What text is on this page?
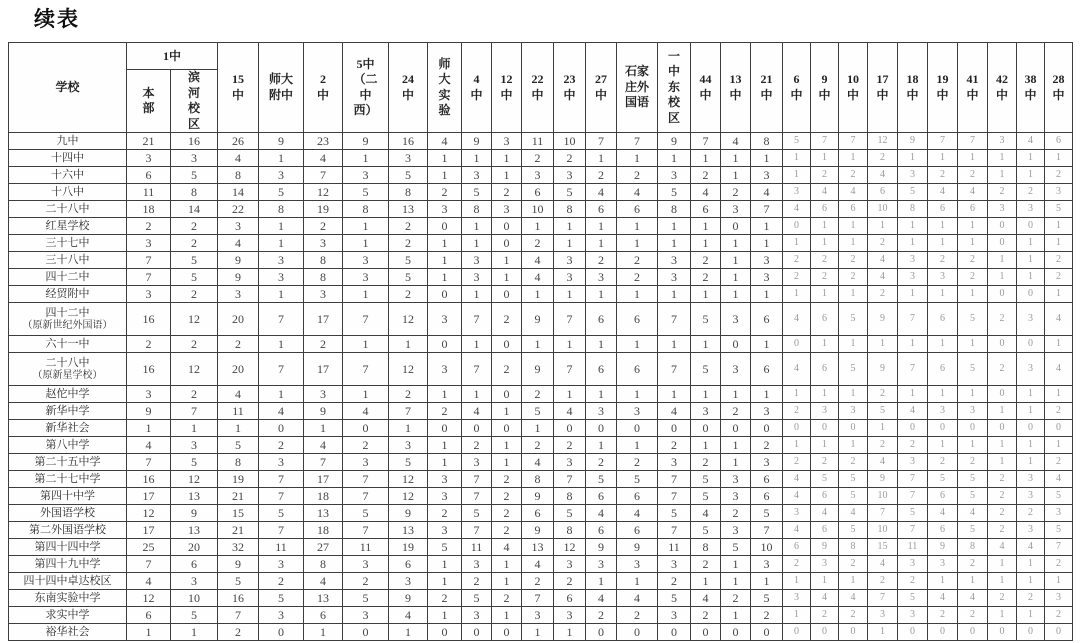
续表
学校	1中		15中	师大附中	2中	5中（二中西）	24中	师大实验	4中	12中	22中	23中	27中	石家庄外国语	一中东校区	44中	13中	21中	6中	9中	10中	17中	18中	19中	41中	42中	38中	28中
	本部	滨河校区																										
九中	21	16	26	9	23	9	16	4	9	3	11	10	7	7	9	7	4	8	5	7	7	12	9	7	7	3	4	6
十四中	3	3	4	1	4	1	3	1	1	1	2	2	1	1	1	1	1	1	1	1	1	2	1	1	1	1	1	1
十六中	6	5	8	3	7	3	5	1	3	1	3	3	2	2	3	2	1	3	1	2	2	4	3	2	2	1	1	2
十八中	11	8	14	5	12	5	8	2	5	2	6	5	4	4	5	4	2	4	3	4	4	6	5	4	4	2	2	3
二十八中	18	14	22	8	19	8	13	3	8	3	10	8	6	6	8	6	3	7	4	6	6	10	8	6	6	3	3	5
红星学校	2	2	3	1	2	1	2	0	1	0	1	1	1	1	1	1	0	1	0	1	1	1	1	1	1	0	0	1
三十七中	3	2	4	1	3	1	2	1	1	0	2	1	1	1	1	1	1	1	1	1	1	2	1	1	1	0	1	1
三十八中	7	5	9	3	8	3	5	1	3	1	4	3	2	2	3	2	1	3	2	2	2	4	3	2	2	1	1	2
四十二中	7	5	9	3	8	3	5	1	3	1	4	3	3	2	3	2	1	3	2	2	2	4	3	3	2	1	1	2
经贸附中	3	2	3	1	3	1	2	0	1	0	1	1	1	1	1	1	1	1	1	1	1	2	1	1	1	0	0	1
四十二中
（原新世纪外国语）	16	12	20	7	17	7	12	3	7	2	9	7	6	6	7	5	3	6	4	6	5	9	7	6	5	2	3	4
六十一中	2	2	2	1	2	1	1	0	1	0	1	1	1	1	1	1	0	1	0	1	1	1	1	1	1	0	0	1
二十八中
（原新星学校）	16	12	20	7	17	7	12	3	7	2	9	7	6	6	7	5	3	6	4	6	5	9	7	6	5	2	3	4
赵佗中学	3	2	4	1	3	1	2	1	1	0	2	1	1	1	1	1	1	1	1	1	1	2	1	1	1	0	1	1
新华中学	9	7	11	4	9	4	7	2	4	1	5	4	3	3	4	3	2	3	2	3	3	5	4	3	3	1	1	2
新华社会	1	1	1	0	1	0	1	0	0	0	1	0	0	0	0	0	0	0	0	0	0	1	0	0	0	0	0	0
第八中学	4	3	5	2	4	2	3	1	2	1	2	2	1	1	2	1	1	2	1	1	1	2	2	1	1	1	1	1
第二十五中学	7	5	8	3	7	3	5	1	3	1	4	3	2	2	3	2	1	3	2	2	2	4	3	2	2	1	1	2
第二十七中学	16	12	19	7	17	7	12	3	7	2	8	7	5	5	7	5	3	6	4	5	5	9	7	5	5	2	3	4
第四十中学	17	13	21	7	18	7	12	3	7	2	9	8	6	6	7	5	3	6	4	6	5	10	7	6	5	2	3	5
外国语学校	12	9	15	5	13	5	9	2	5	2	6	5	4	4	5	4	2	5	3	4	4	7	5	4	4	2	2	3
第二外国语学校	17	13	21	7	18	7	13	3	7	2	9	8	6	6	7	5	3	7	4	6	5	10	7	6	5	2	3	5
第四十四中学	25	20	32	11	27	11	19	5	11	4	13	12	9	9	11	8	5	10	6	9	8	15	11	9	8	4	4	7
第四十九中学	7	6	9	3	8	3	6	1	3	1	4	3	3	3	3	2	1	3	2	3	2	4	3	3	2	1	1	2
四十四中卓达校区	4	3	5	2	4	2	3	1	2	1	2	2	1	1	2	1	1	1	1	1	1	2	2	1	1	1	1	1
东南实验中学	12	10	16	5	13	5	9	2	5	2	7	6	4	4	5	4	2	5	3	4	4	7	5	4	4	2	2	3
求实中学	6	5	7	3	6	3	4	1	3	1	3	3	2	2	3	2	1	2	1	2	2	3	3	2	2	1	1	2
裕华社会	1	1	2	0	1	0	1	0	0	0	1	1	0	0	0	0	0	0	0	0	0	1	0	0	0	0	0	0
